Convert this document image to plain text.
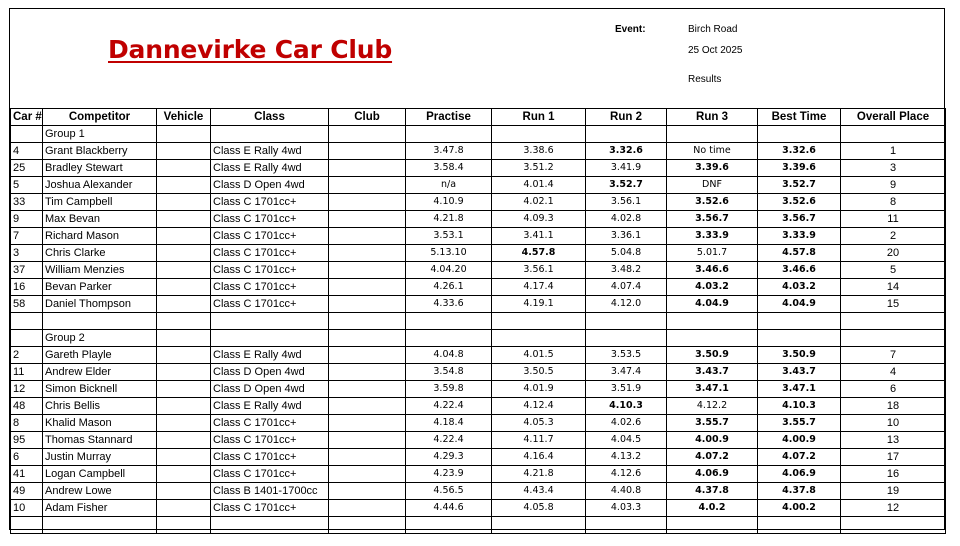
Dannevirke Car Club
Event:	Birch Road
25 Oct 2025
Results
Car #	Competitor	Vehicle	Class	Club	Practise	Run 1	Run 2	Run 3	Best Time	Overall Place
	Group 1									
4	Grant Blackberry		Class E Rally 4wd		3.47.8	3.38.6	3.32.6	No time	3.32.6	1
25	Bradley Stewart		Class E Rally 4wd		3.58.4	3.51.2	3.41.9	3.39.6	3.39.6	3
5	Joshua Alexander		Class D Open 4wd		n/a	4.01.4	3.52.7	DNF	3.52.7	9
33	Tim Campbell		Class C 1701cc+		4.10.9	4.02.1	3.56.1	3.52.6	3.52.6	8
9	Max Bevan		Class C 1701cc+		4.21.8	4.09.3	4.02.8	3.56.7	3.56.7	11
7	Richard Mason		Class C 1701cc+		3.53.1	3.41.1	3.36.1	3.33.9	3.33.9	2
3	Chris Clarke		Class C 1701cc+		5.13.10	4.57.8	5.04.8	5.01.7	4.57.8	20
37	William Menzies		Class C 1701cc+		4.04.20	3.56.1	3.48.2	3.46.6	3.46.6	5
16	Bevan Parker		Class C 1701cc+		4.26.1	4.17.4	4.07.4	4.03.2	4.03.2	14
58	Daniel Thompson		Class C 1701cc+		4.33.6	4.19.1	4.12.0	4.04.9	4.04.9	15

	Group 2									
2	Gareth Playle		Class E Rally 4wd		4.04.8	4.01.5	3.53.5	3.50.9	3.50.9	7
11	Andrew Elder		Class D Open 4wd		3.54.8	3.50.5	3.47.4	3.43.7	3.43.7	4
12	Simon Bicknell		Class D Open 4wd		3.59.8	4.01.9	3.51.9	3.47.1	3.47.1	6
48	Chris Bellis		Class E Rally 4wd		4.22.4	4.12.4	4.10.3	4.12.2	4.10.3	18
8	Khalid Mason		Class C 1701cc+		4.18.4	4.05.3	4.02.6	3.55.7	3.55.7	10
95	Thomas Stannard		Class C 1701cc+		4.22.4	4.11.7	4.04.5	4.00.9	4.00.9	13
6	Justin Murray		Class C 1701cc+		4.29.3	4.16.4	4.13.2	4.07.2	4.07.2	17
41	Logan Campbell		Class C 1701cc+		4.23.9	4.21.8	4.12.6	4.06.9	4.06.9	16
49	Andrew Lowe		Class B 1401-1700cc		4.56.5	4.43.4	4.40.8	4.37.8	4.37.8	19
10	Adam Fisher		Class C 1701cc+		4.44.6	4.05.8	4.03.3	4.0.2	4.00.2	12
